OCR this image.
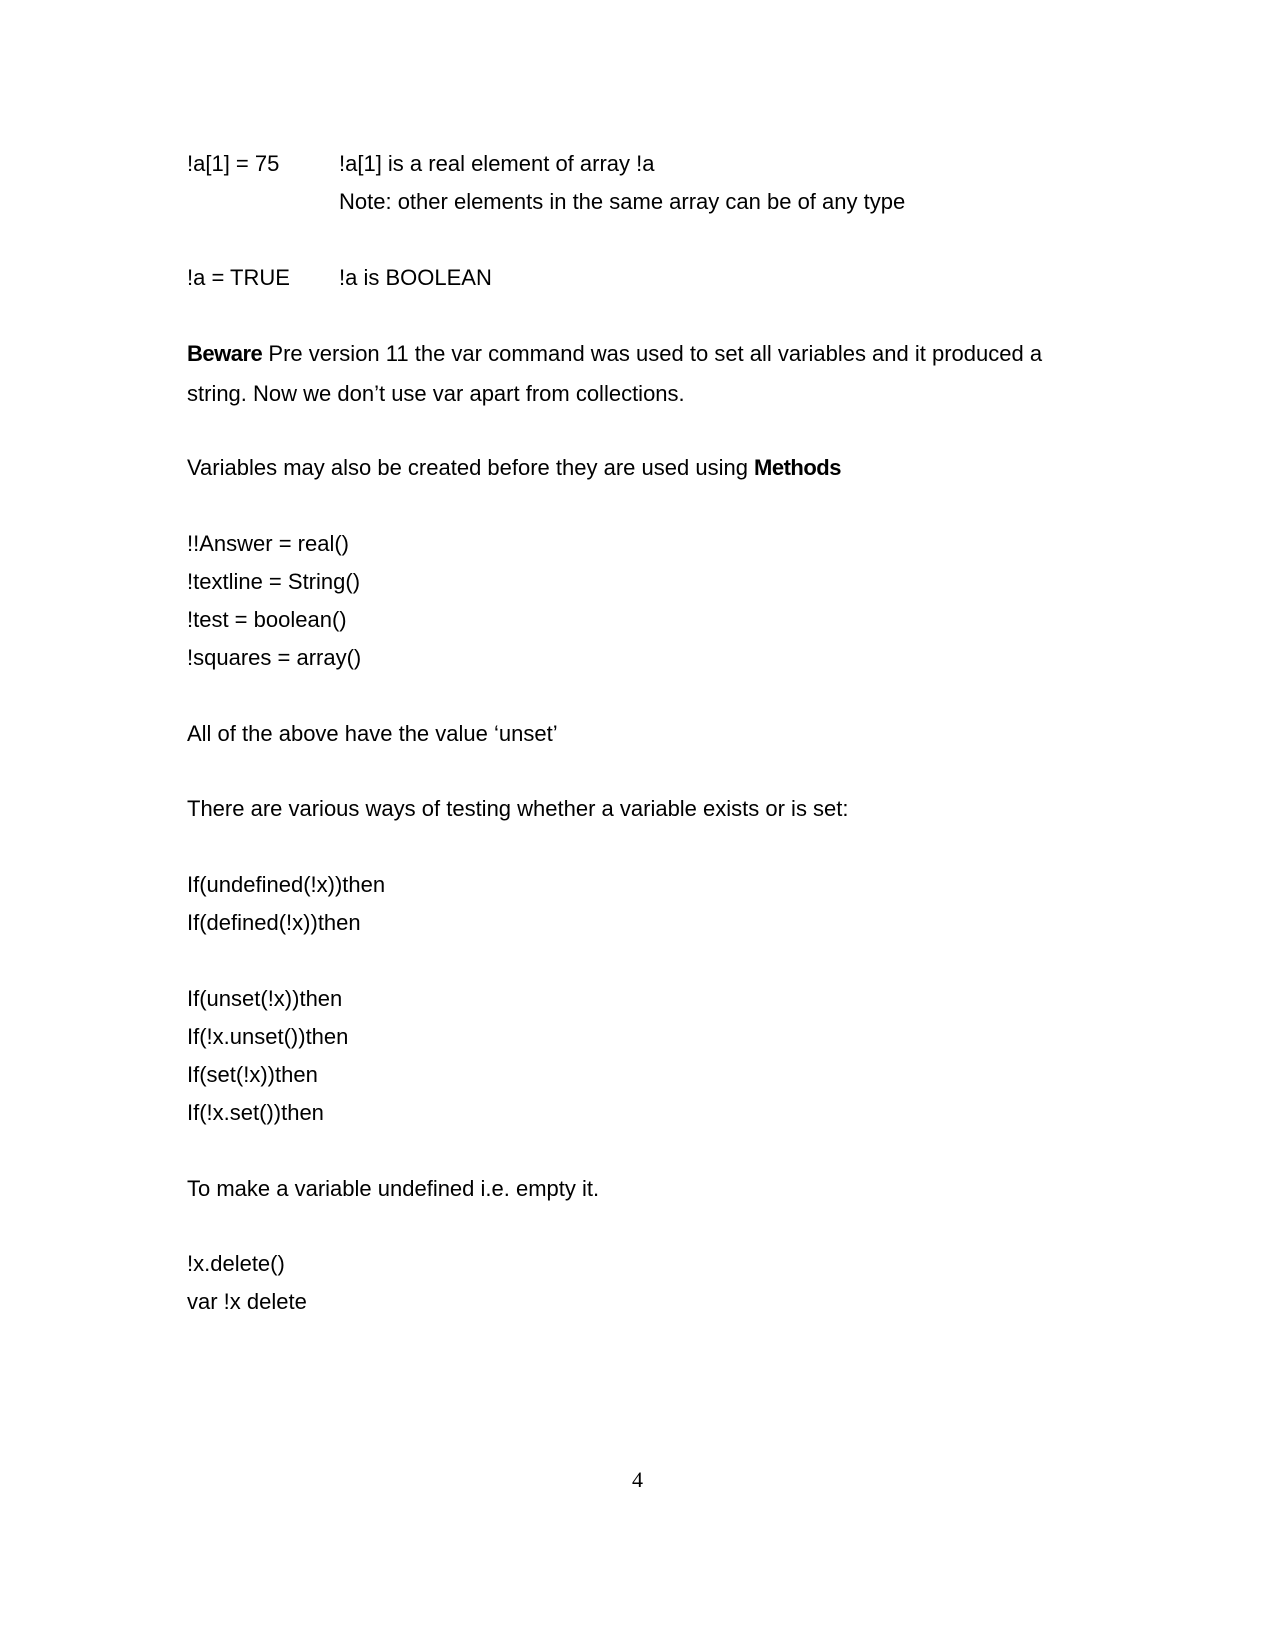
!a[1] = 75	!a[1] is a real element of array !a
Note: other elements in the same array can be of any type
!a = TRUE !a is BOOLEAN
Beware Pre version 11 the var command was used to set all variables and it produced a string. Now we don’t use var apart from collections.
Variables may also be created before they are used using Methods
!!Answer = real()
!textline = String()
!test = boolean()
!squares = array()
All of the above have the value ‘unset’
There are various ways of testing whether a variable exists or is set:
If(undefined(!x))then
If(defined(!x))then
If(unset(!x))then
If(!x.unset())then
If(set(!x))then
If(!x.set())then
To make a variable undefined i.e. empty it.
!x.delete()
var !x delete
4
